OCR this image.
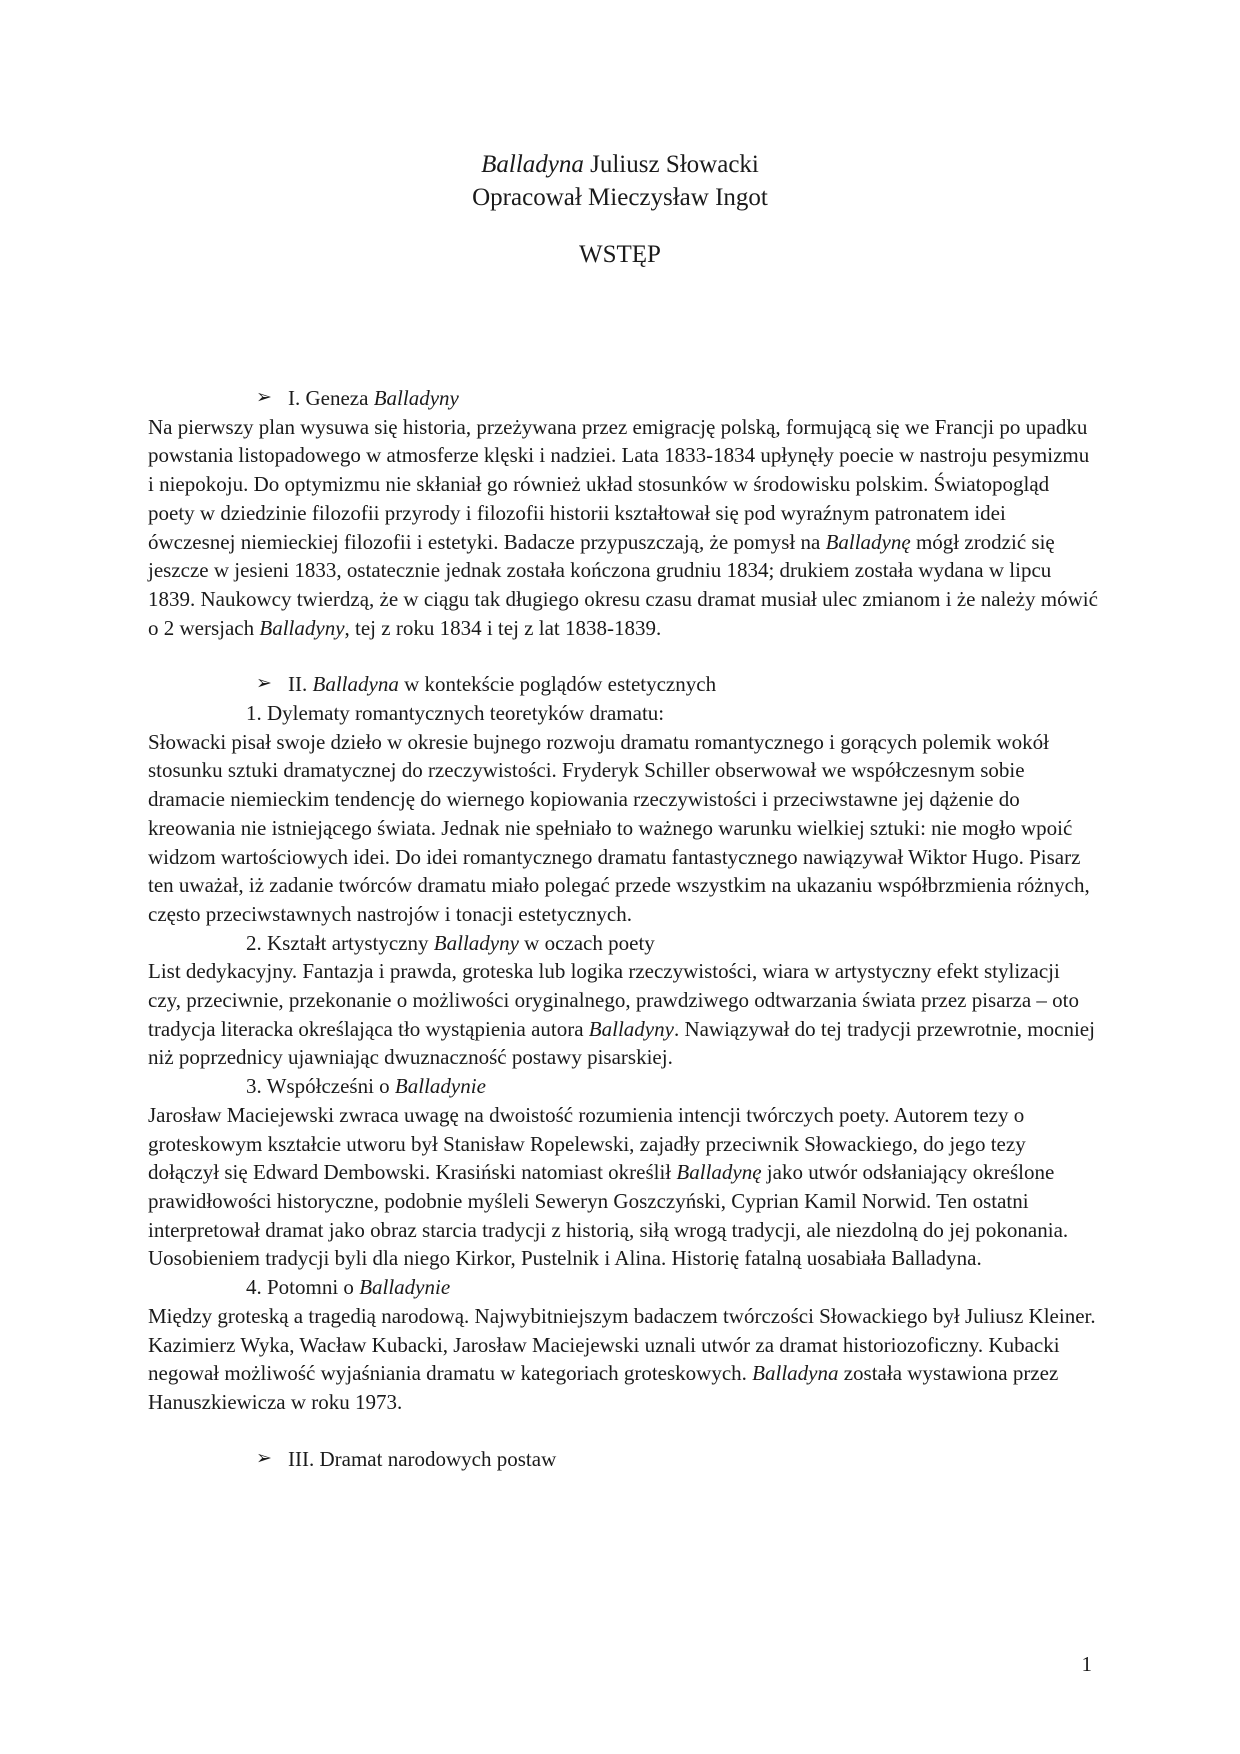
Balladyna Juliusz Słowacki
Opracował Mieczysław Ingot
WSTĘP
➢ I. Geneza Balladyny

Na pierwszy plan wysuwa się historia, przeżywana przez emigrację polską, formującą się we Francji po upadku powstania listopadowego w atmosferze klęski i nadziei. Lata 1833-1834 upłynęły poecie w nastroju pesymizmu i niepokoju. Do optymizmu nie skłaniał go również układ stosunków w środowisku polskim. Światopogląd poety w dziedzinie filozofii przyrody i filozofii historii kształtował się pod wyraźnym patronatem idei ówczesnej niemieckiej filozofii i estetyki. Badacze przypuszczają, że pomysł na Balladynę mógł zrodzić się jeszcze w jesieni 1833, ostatecznie jednak została kończona grudniu 1834; drukiem została wydana w lipcu 1839. Naukowcy twierdzą, że w ciągu tak długiego okresu czasu dramat musiał ulec zmianom i że należy mówić o 2 wersjach Balladyny, tej z roku 1834 i tej z lat 1838-1839.

➢ II. Balladyna w kontekście poglądów estetycznych
1. Dylematy romantycznych teoretyków dramatu:

Słowacki pisał swoje dzieło w okresie bujnego rozwoju dramatu romantycznego i gorących polemik wokół stosunku sztuki dramatycznej do rzeczywistości. Fryderyk Schiller obserwował we współczesnym sobie dramacie niemieckim tendencję do wiernego kopiowania rzeczywistości i przeciwstawne jej dążenie do kreowania nie istniejącego świata. Jednak nie spełniało to ważnego warunku wielkiej sztuki: nie mogło wpoić widzom wartościowych idei. Do idei romantycznego dramatu fantastycznego nawiązywał Wiktor Hugo. Pisarz ten uważał, iż zadanie twórców dramatu miało polegać przede wszystkim na ukazaniu współbrzmienia różnych, często przeciwstawnych nastrojów i tonacji estetycznych.

2. Kształt artystyczny Balladyny w oczach poety

List dedykacyjny. Fantazja i prawda, groteska lub logika rzeczywistości, wiara w artystyczny efekt stylizacji czy, przeciwnie, przekonanie o możliwości oryginalnego, prawdziwego odtwarzania świata przez pisarza – oto tradycja literacka określająca tło wystąpienia autora Balladyny. Nawiązywał do tej tradycji przewrotnie, mocniej niż poprzednicy ujawniając dwuznaczność postawy pisarskiej.

3. Współcześni o Balladynie

Jarosław Maciejewski zwraca uwagę na dwoistość rozumienia intencji twórczych poety. Autorem tezy o groteskowym kształcie utworu był Stanisław Ropelewski, zajadły przeciwnik Słowackiego, do jego tezy dołączył się Edward Dembowski. Krasiński natomiast określił Balladynę jako utwór odsłaniający określone prawidłowości historyczne, podobnie myśleli Seweryn Goszczyński, Cyprian Kamil Norwid. Ten ostatni interpretował dramat jako obraz starcia tradycji z historią, siłą wrogą tradycji, ale niezdolną do jej pokonania. Uosobieniem tradycji byli dla niego Kirkor, Pustelnik i Alina. Historię fatalną uosabiała Balladyna.

4. Potomni o Balladynie

Między groteską a tragedią narodową. Najwybitniejszym badaczem twórczości Słowackiego był Juliusz Kleiner. Kazimierz Wyka, Wacław Kubacki, Jarosław Maciejewski uznali utwór za dramat historiozoficzny. Kubacki negował możliwość wyjaśniania dramatu w kategoriach groteskowych. Balladyna została wystawiona przez Hanuszkiewicza w roku 1973.

➢ III. Dramat narodowych postaw
1
